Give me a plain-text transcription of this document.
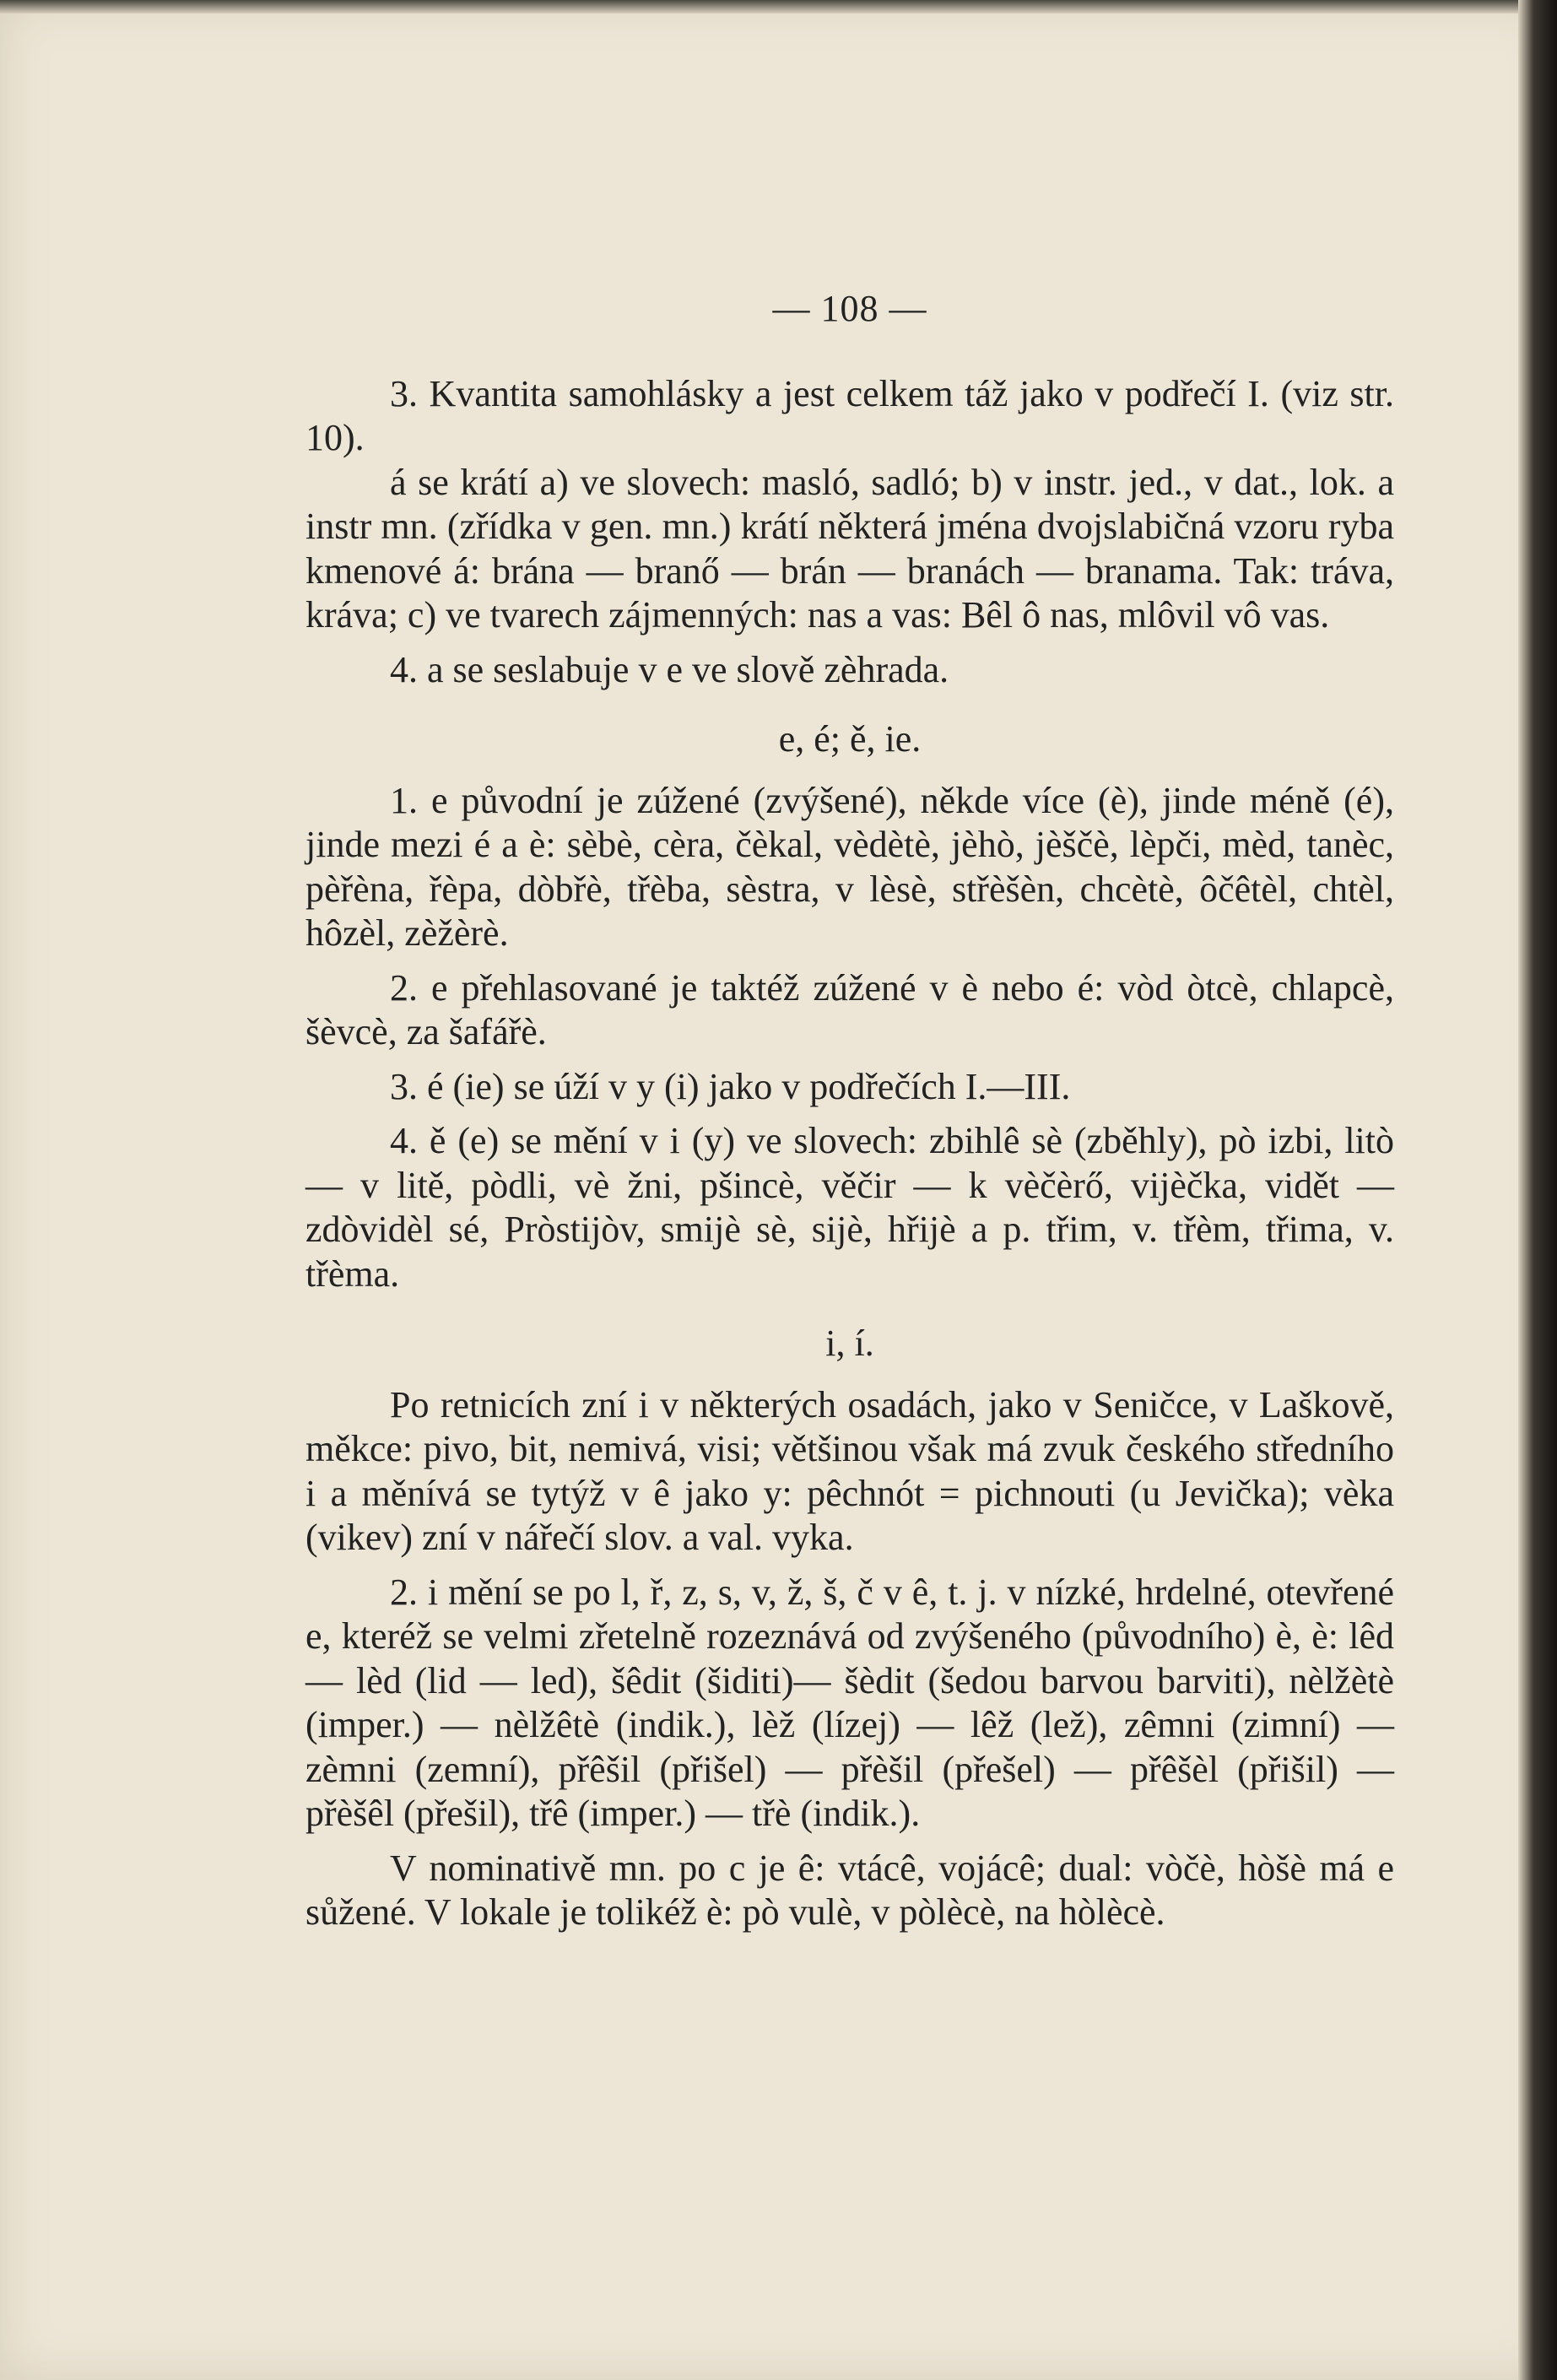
— 108 —

3. Kvantita samohlásky a jest celkem táž jako v podřečí I. (viz str. 10).

á se krátí a) ve slovech: masló, sadló; b) v instr. jed., v dat., lok. a instr mn. (zřídka v gen. mn.) krátí některá jména dvojslabičná vzoru ryba kmenové á: brána — branő — brán — branách — branama. Tak: tráva, kráva; c) ve tvarech zájmenných: nas a vas: Bêl ô nas, mlôvil vô vas.

4. a se seslabuje v e ve slově zèhrada.

e, é; ě, ie.

1. e původní je zúžené (zvýšené), někde více (è), jinde méně (é), jinde mezi é a è: sèbè, cèra, čèkal, vèdètè, jèhò, jèščè, lèpči, mèd, tanèc, pèřèna, řèpa, dòbřè, třèba, sèstra, v lèsè, střèšèn, chcètè, ôčêtèl, chtèl, hôzèl, zèžèrè.

2. e přehlasované je taktéž zúžené v è nebo é: vòd òtcè, chlapcè, šèvcè, za šafářè.

3. é (ie) se úží v y (i) jako v podřečích I.—III.

4. ě (e) se mění v i (y) ve slovech: zbihlê sè (zběhly), pò izbi, litò — v litě, pòdli, vè žni, pšincè, věčir — k vèčèrő, vijèčka, vidět — zdòvidèl sé, Pròstijòv, smijè sè, sijè, hřijè a p. třim, v. třèm, třima, v. třèma.

i, í.

Po retnicích zní i v některých osadách, jako v Seničce, v Laškově, měkce: pivo, bit, nemivá, visi; většinou však má zvuk českého středního i a měnívá se tytýž v ê jako y: pêchnót = pichnouti (u Jevička); vèka (vikev) zní v nářečí slov. a val. vyka.

2. i mění se po l, ř, z, s, v, ž, š, č v ê, t. j. v nízké, hrdelné, otevřené e, kteréž se velmi zřetelně rozeznává od zvýšeného (původního) è, è: lêd — lèd (lid — led), šêdit (šiditi)— šèdit (šedou barvou barviti), nèlžètè (imper.) — nèlžêtè (indik.), lèž (lízej) — lêž (lež), zêmni (zimní) — zèmni (zemní), přêšil (přišel) — přèšil (přešel) — přêšèl (přišil) — přèšêl (přešil), třê (imper.) — třè (indik.).

V nominativě mn. po c je ê: vtácê, vojácê; dual: vòčè, hòšè má e sůžené. V lokale je tolikéž è: pò vulè, v pòlècè, na hòlècè.
